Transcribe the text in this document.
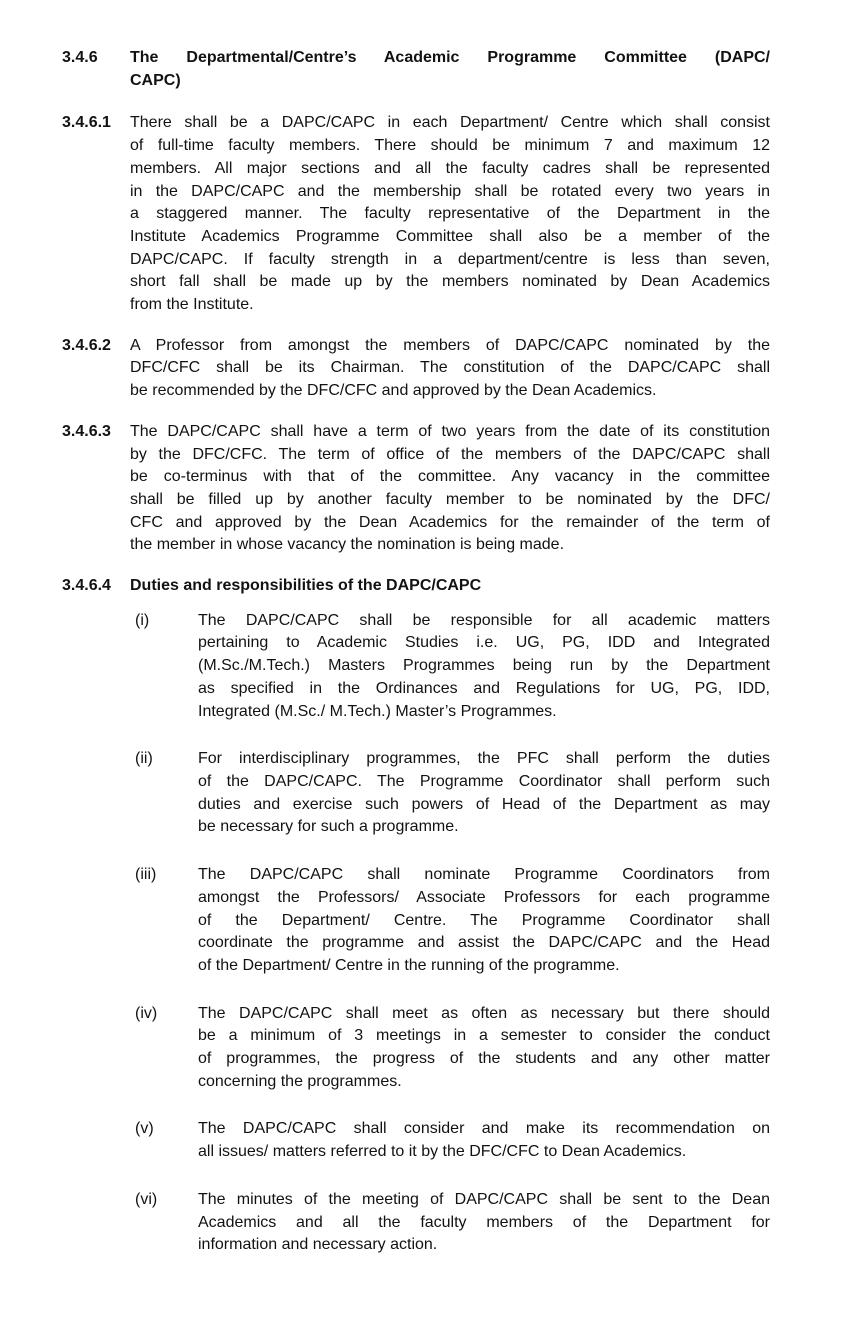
3.4.6	The Departmental/Centre’s Academic Programme Committee (DAPC/
CAPC)
3.4.6.1	There shall be a DAPC/CAPC in each Department/ Centre which shall consist
of full-time faculty members. There should be minimum 7 and maximum 12
members. All major sections and all the faculty cadres shall be represented
in the DAPC/CAPC and the membership shall be rotated every two years in
a staggered manner. The faculty representative of the Department in the
Institute Academics Programme Committee shall also be a member of the
DAPC/CAPC. If faculty strength in a department/centre is less than seven,
short fall shall be made up by the members nominated by Dean Academics
from the Institute.
3.4.6.2	A Professor from amongst the members of DAPC/CAPC nominated by the
DFC/CFC shall be its Chairman. The constitution of the DAPC/CAPC shall
be recommended by the DFC/CFC and approved by the Dean Academics.
3.4.6.3	The DAPC/CAPC shall have a term of two years from the date of its constitution
by the DFC/CFC. The term of office of the members of the DAPC/CAPC shall
be co-terminus with that of the committee. Any vacancy in the committee
shall be filled up by another faculty member to be nominated by the DFC/
CFC and approved by the Dean Academics for the remainder of the term of
the member in whose vacancy the nomination is being made.
3.4.6.4	Duties and responsibilities of the DAPC/CAPC
(i)	The DAPC/CAPC shall be responsible for all academic matters
pertaining to Academic Studies i.e. UG, PG, IDD and Integrated
(M.Sc./M.Tech.) Masters Programmes being run by the Department
as specified in the Ordinances and Regulations for UG, PG, IDD,
Integrated (M.Sc./ M.Tech.) Master’s Programmes.
(ii)	For interdisciplinary programmes, the PFC shall perform the duties
of the DAPC/CAPC. The Programme Coordinator shall perform such
duties and exercise such powers of Head of the Department as may
be necessary for such a programme.
(iii)	The DAPC/CAPC shall nominate Programme Coordinators from
amongst the Professors/ Associate Professors for each programme
of the Department/ Centre. The Programme Coordinator shall
coordinate the programme and assist the DAPC/CAPC and the Head
of the Department/ Centre in the running of the programme.
(iv)	The DAPC/CAPC shall meet as often as necessary but there should
be a minimum of 3 meetings in a semester to consider the conduct
of programmes, the progress of the students and any other matter
concerning the programmes.
(v)	The DAPC/CAPC shall consider and make its recommendation on
all issues/ matters referred to it by the DFC/CFC to Dean Academics.
(vi)	The minutes of the meeting of DAPC/CAPC shall be sent to the Dean
Academics and all the faculty members of the Department for
information and necessary action.
